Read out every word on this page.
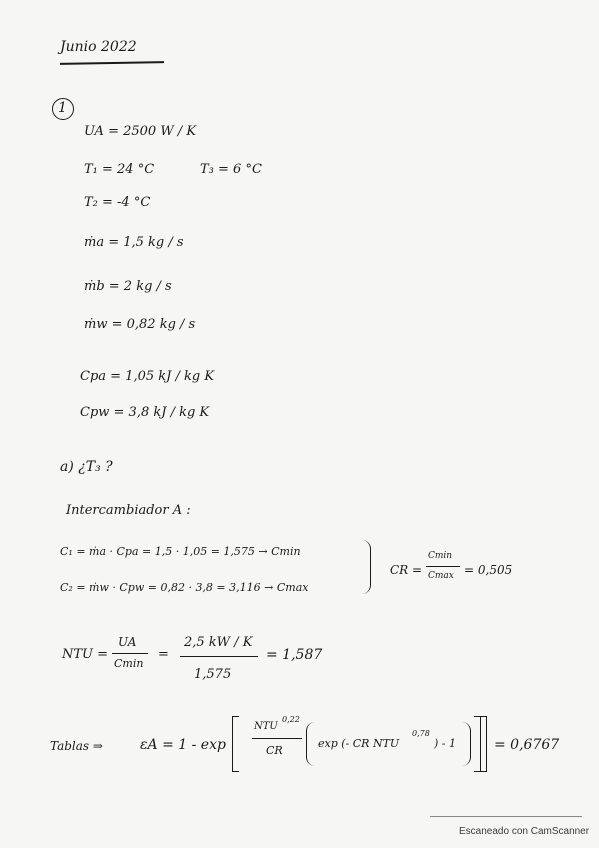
Junio 2022
1
UA = 2500 W / K
T₁ = 24 °C	T₃ = 6 °C
T₂ = -4 °C
ṁa = 1,5 kg / s
ṁb = 2 kg / s
ṁw = 0,82 kg / s
Cpa = 1,05 kJ / kg K
Cpw = 3,8 kJ / kg K
a) ¿T₃ ?
Intercambiador A :
C₁ = ṁa · Cpa = 1,5 · 1,05 = 1,575 → Cmin
C₂ = ṁw · Cpw = 0,82 · 3,8 = 3,116 → Cmax
CR =
Cmin
Cmax = 0,505
NTU =
UA
Cmin
=
2,5 kW / K
1,575
= 1,587
Tablas ⇒	εA = 1 - exp
NTU
0,22
CR
exp (- CR NTU
0,78
) - 1	= 0,6767
Escaneado con CamScanner
